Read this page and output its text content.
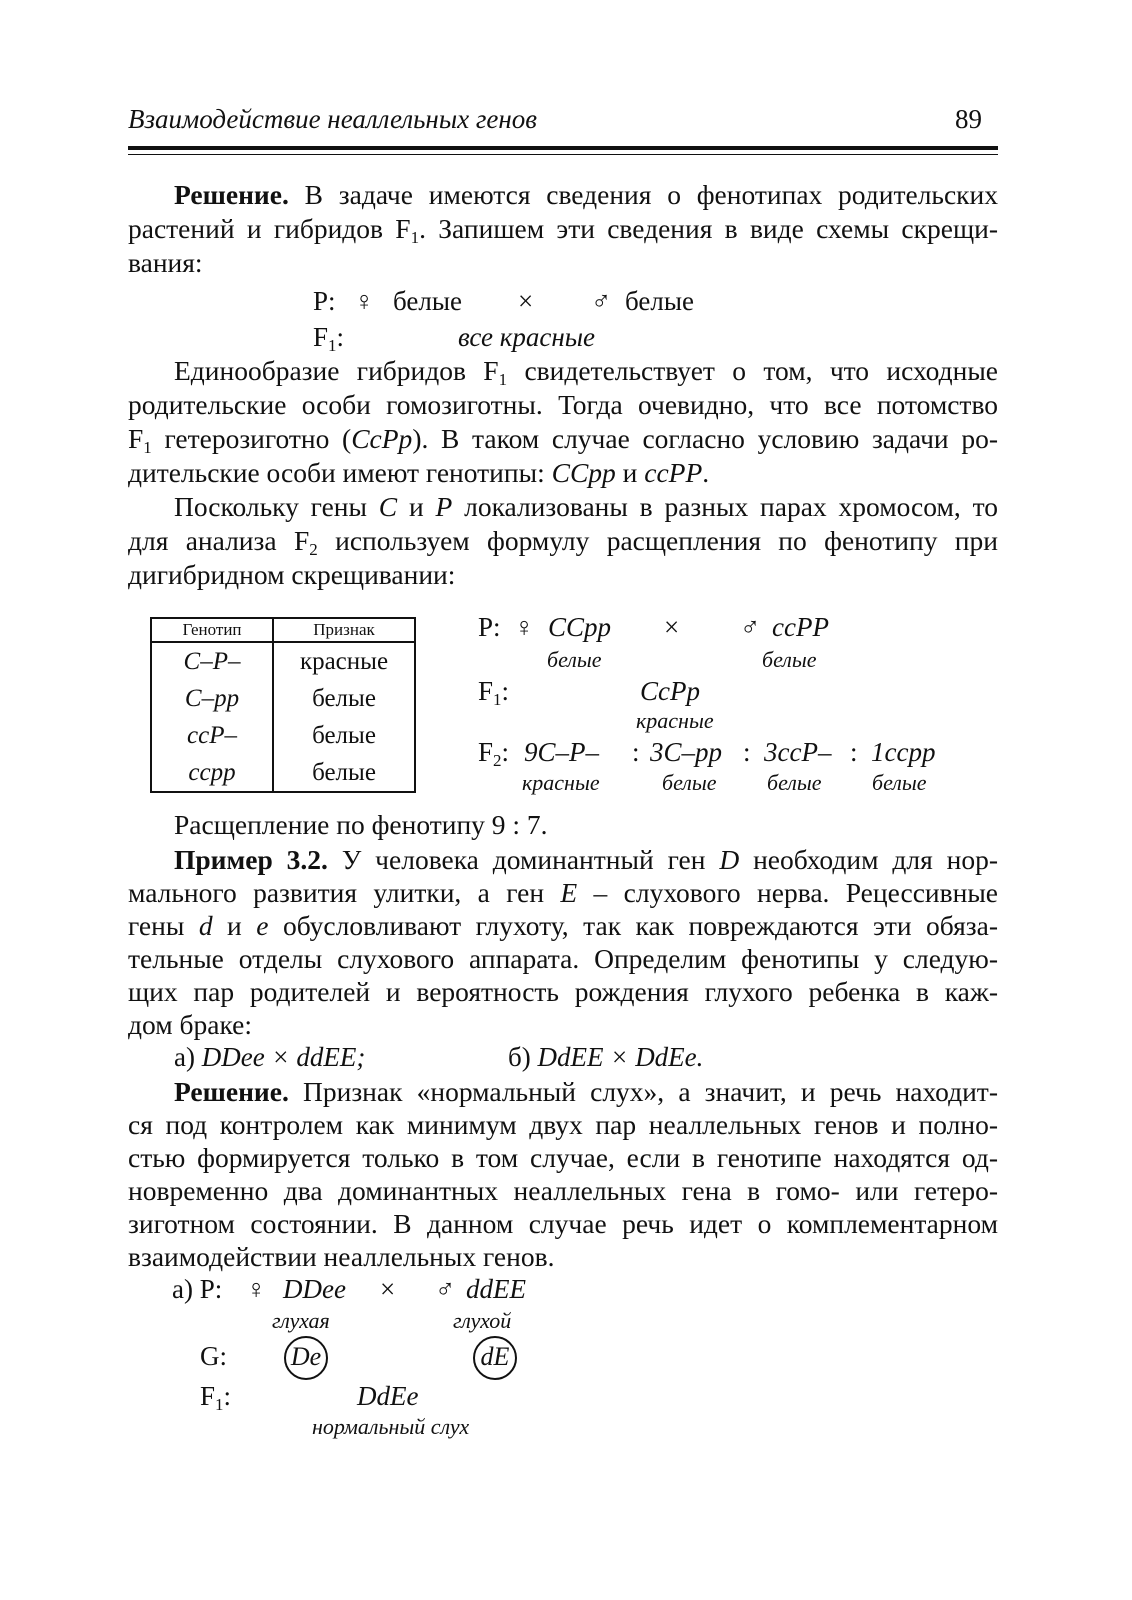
Взаимодействие неаллельных генов	89
Решение. В задаче имеются сведения о фенотипах родительских
растений и гибридов $F_1$. Запишем эти сведения в виде схемы скрещи-
вания:
P: ♀ белые × ♂ белые
$F_1$:	все красные
Единообразие гибридов $F_1$ свидетельствует о том, что исходные
родительские особи гомозиготны. Тогда очевидно, что все потомство
$F_1$ гетерозиготно (CcPp). В таком случае согласно условию задачи ро-
дительские особи имеют генотипы: CCpp и ccPP.
Поскольку гены C и P локализованы в разных парах хромосом, то
для анализа $F_2$ используем формулу расщепления по фенотипу при
дигибридном скрещивании:
Генотип	Признак
C–P–	красные
C–pp	белые
ccP–	белые
ccpp	белые
P: ♀ CCpp × ♂ ccPP
белые	белые
$F_1$:	CcPp
красные
$F_2$: 9C–P– : 3C–pp : 3ccP– : 1ccpp
красные	белые белые белые
Расщепление по фенотипу 9 : 7.
Пример 3.2. У человека доминантный ген D необходим для нор-
мального развития улитки, а ген E – слухового нерва. Рецессивные
гены d и e обусловливают глухоту, так как повреждаются эти обяза-
тельные отделы слухового аппарата. Определим фенотипы у следую-
щих пар родителей и вероятность рождения глухого ребенка в каж-
дом браке:
а) DDee × ddEE;	б) DdEE × DdEe.
Решение. Признак «нормальный слух», а значит, и речь находит-
ся под контролем как минимум двух пар неаллельных генов и полно-
стью формируется только в том случае, если в генотипе находятся од-
новременно два доминантных неаллельных гена в гомо- или гетеро-
зиготном состоянии. В данном случае речь идет о комплементарном
взаимодействии неаллельных генов.
а) P: ♀ DDee × ♂ ddEE
глухая	глухой
G: De	dE
$F_1$:	DdEe
нормальный слух
